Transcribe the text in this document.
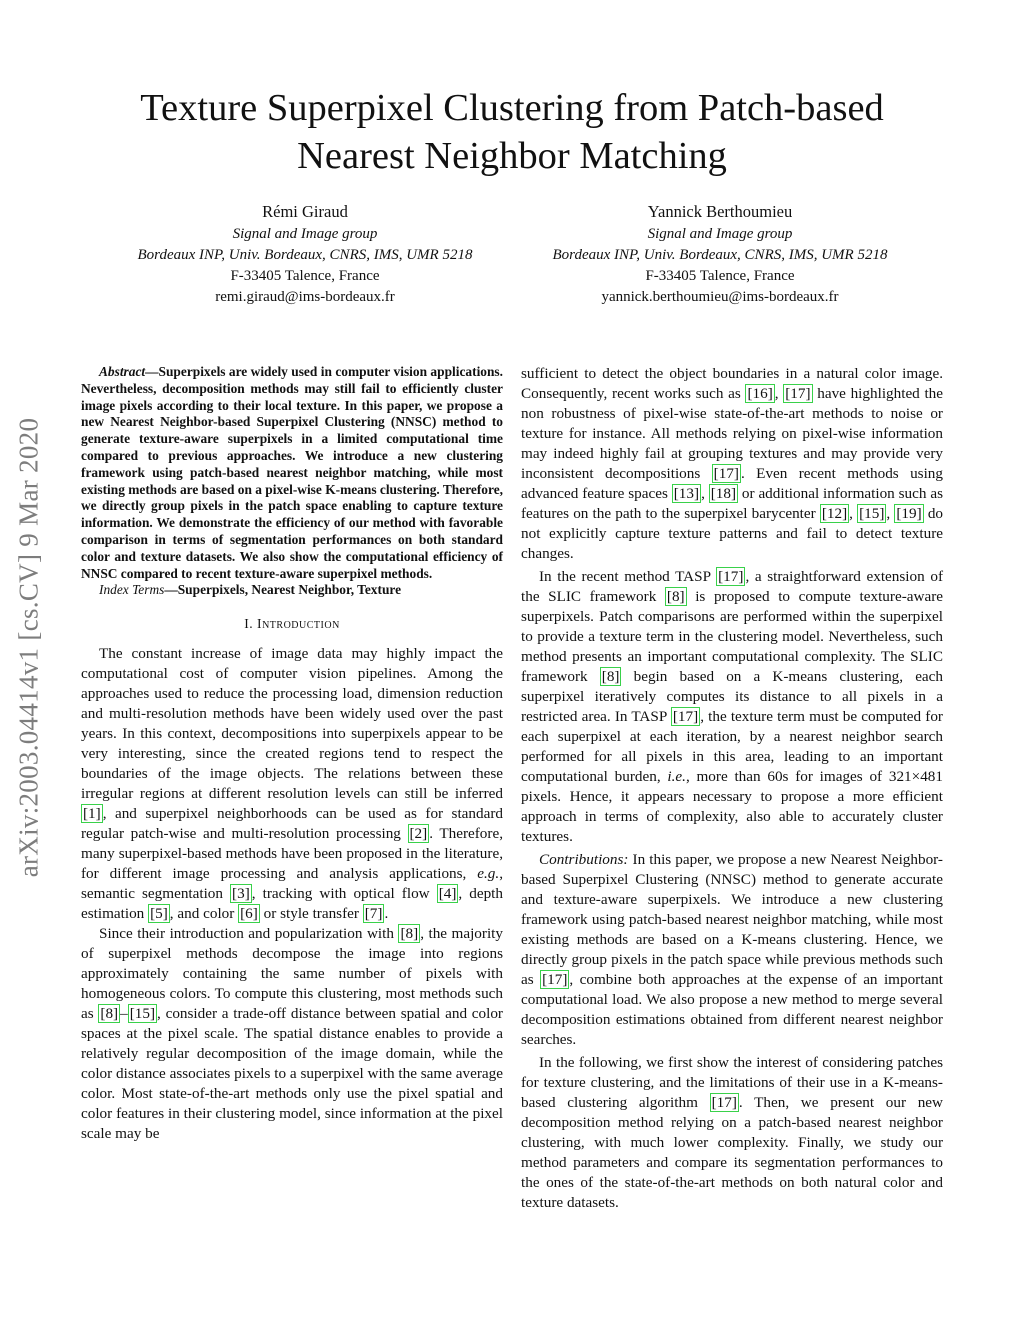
arXiv:2003.04414v1 [cs.CV] 9 Mar 2020
Texture Superpixel Clustering from Patch-based
Nearest Neighbor Matching
Rémi Giraud
Signal and Image group
Bordeaux INP, Univ. Bordeaux, CNRS, IMS, UMR 5218
F-33405 Talence, France
remi.giraud@ims-bordeaux.fr
Yannick Berthoumieu
Signal and Image group
Bordeaux INP, Univ. Bordeaux, CNRS, IMS, UMR 5218
F-33405 Talence, France
yannick.berthoumieu@ims-bordeaux.fr

Abstract—Superpixels are widely used in computer vision applications. Nevertheless, decomposition methods may still fail to efficiently cluster image pixels according to their local texture. In this paper, we propose a new Nearest Neighbor-based Superpixel Clustering (NNSC) method to generate texture-aware superpixels in a limited computational time compared to previous approaches. We introduce a new clustering framework using patch-based nearest neighbor matching, while most existing methods are based on a pixel-wise K-means clustering. Therefore, we directly group pixels in the patch space enabling to capture texture information. We demonstrate the efficiency of our method with favorable comparison in terms of segmentation performances on both standard color and texture datasets. We also show the computational efficiency of NNSC compared to recent texture-aware superpixel methods.

Index Terms—Superpixels, Nearest Neighbor, Texture

I. Introduction

The constant increase of image data may highly impact the computational cost of computer vision pipelines. Among the approaches used to reduce the processing load, dimension reduction and multi-resolution methods have been widely used over the past years. In this context, decompositions into superpixels appear to be very interesting, since the created regions tend to respect the boundaries of the image objects. The relations between these irregular regions at different resolution levels can still be inferred [1] , and superpixel neighborhoods can be used as for standard regular patch-wise and multi-resolution processing [2] . Therefore, many superpixel-based methods have been proposed in the literature, for different image processing and analysis applications, e.g., semantic segmentation [3] , tracking with optical flow [4] , depth estimation [5] , and color [6] or style transfer [7] .

Since their introduction and popularization with [8] , the majority of superpixel methods decompose the image into regions approximately containing the same number of pixels with homogeneous colors. To compute this clustering, most methods such as [8] – [15] , consider a trade-off distance between spatial and color spaces at the pixel scale. The spatial distance enables to provide a relatively regular decomposition of the image domain, while the color distance associates pixels to a superpixel with the same average color. Most state-of-the-art methods only use the pixel spatial and color features in their clustering model, since information at the pixel scale may be

sufficient to detect the object boundaries in a natural color image. Consequently, recent works such as [16] , [17] have highlighted the non robustness of pixel-wise state-of-the-art methods to noise or texture for instance. All methods relying on pixel-wise information may indeed highly fail at grouping textures and may provide very inconsistent decompositions [17] . Even recent methods using advanced feature spaces [13] , [18] or additional information such as features on the path to the superpixel barycenter [12] , [15] , [19] do not explicitly capture texture patterns and fail to detect texture changes.

In the recent method TASP [17] , a straightforward extension of the SLIC framework [8] is proposed to compute texture-aware superpixels. Patch comparisons are performed within the superpixel to provide a texture term in the clustering model. Nevertheless, such method presents an important computational complexity. The SLIC framework [8] begin based on a K-means clustering, each superpixel iteratively computes its distance to all pixels in a restricted area. In TASP [17] , the texture term must be computed for each superpixel at each iteration, by a nearest neighbor search performed for all pixels in this area, leading to an important computational burden, i.e., more than 60s for images of 321×481 pixels. Hence, it appears necessary to propose a more efficient approach in terms of complexity, also able to accurately cluster textures.

Contributions: In this paper, we propose a new Nearest Neighbor-based Superpixel Clustering (NNSC) method to generate accurate and texture-aware superpixels. We introduce a new clustering framework using patch-based nearest neighbor matching, while most existing methods are based on a K-means clustering. Hence, we directly group pixels in the patch space while previous methods such as [17] , combine both approaches at the expense of an important computational load. We also propose a new method to merge several decomposition estimations obtained from different nearest neighbor searches.

In the following, we first show the interest of considering patches for texture clustering, and the limitations of their use in a K-means-based clustering algorithm [17] . Then, we present our new decomposition method relying on a patch-based nearest neighbor clustering, with much lower complexity. Finally, we study our method parameters and compare its segmentation performances to the ones of the state-of-the-art methods on both natural color and texture datasets.
